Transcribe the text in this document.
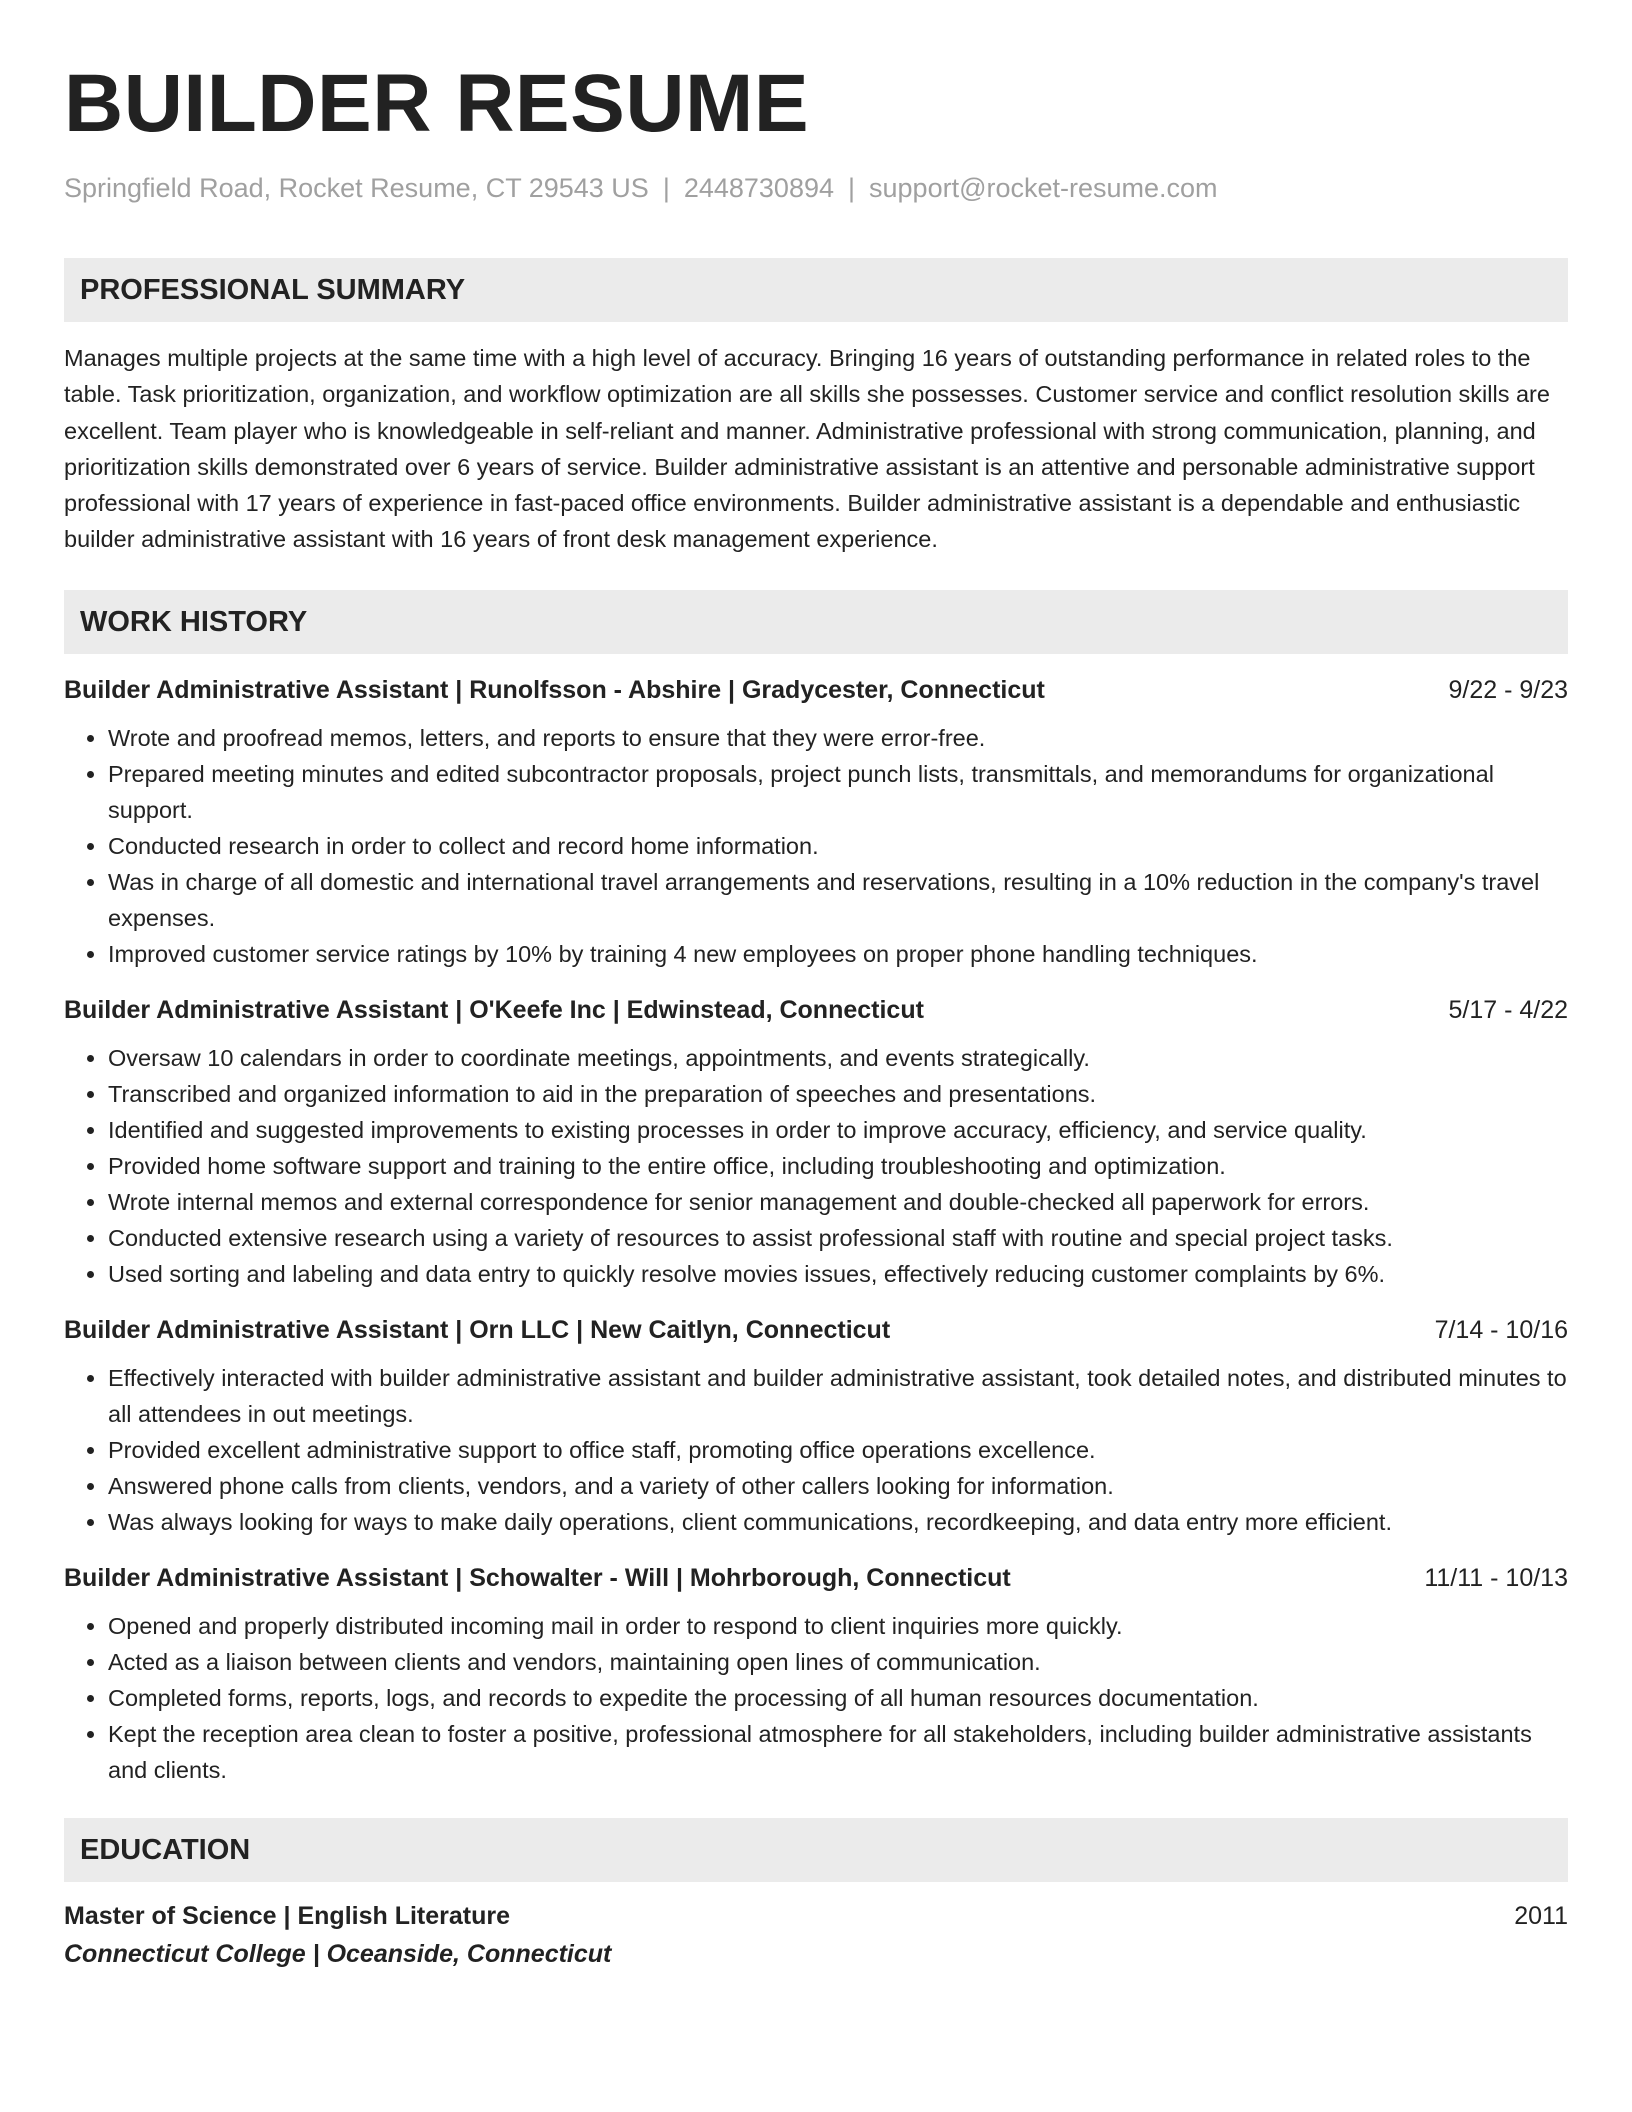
BUILDER RESUME
Springfield Road, Rocket Resume, CT 29543 US | 2448730894 | support@rocket-resume.com
PROFESSIONAL SUMMARY
Manages multiple projects at the same time with a high level of accuracy. Bringing 16 years of outstanding performance in related roles to the table. Task prioritization, organization, and workflow optimization are all skills she possesses. Customer service and conflict resolution skills are excellent. Team player who is knowledgeable in self-reliant and manner. Administrative professional with strong communication, planning, and prioritization skills demonstrated over 6 years of service. Builder administrative assistant is an attentive and personable administrative support professional with 17 years of experience in fast-paced office environments. Builder administrative assistant is a dependable and enthusiastic builder administrative assistant with 16 years of front desk management experience.
WORK HISTORY
Builder Administrative Assistant | Runolfsson - Abshire | Gradycester, Connecticut	9/22 - 9/23
• Wrote and proofread memos, letters, and reports to ensure that they were error-free.
• Prepared meeting minutes and edited subcontractor proposals, project punch lists, transmittals, and memorandums for organizational support.
• Conducted research in order to collect and record home information.
• Was in charge of all domestic and international travel arrangements and reservations, resulting in a 10% reduction in the company's travel expenses.
• Improved customer service ratings by 10% by training 4 new employees on proper phone handling techniques.
Builder Administrative Assistant | O'Keefe Inc | Edwinstead, Connecticut	5/17 - 4/22
• Oversaw 10 calendars in order to coordinate meetings, appointments, and events strategically.
• Transcribed and organized information to aid in the preparation of speeches and presentations.
• Identified and suggested improvements to existing processes in order to improve accuracy, efficiency, and service quality.
• Provided home software support and training to the entire office, including troubleshooting and optimization.
• Wrote internal memos and external correspondence for senior management and double-checked all paperwork for errors.
• Conducted extensive research using a variety of resources to assist professional staff with routine and special project tasks.
• Used sorting and labeling and data entry to quickly resolve movies issues, effectively reducing customer complaints by 6%.
Builder Administrative Assistant | Orn LLC | New Caitlyn, Connecticut	7/14 - 10/16
• Effectively interacted with builder administrative assistant and builder administrative assistant, took detailed notes, and distributed minutes to all attendees in out meetings.
• Provided excellent administrative support to office staff, promoting office operations excellence.
• Answered phone calls from clients, vendors, and a variety of other callers looking for information.
• Was always looking for ways to make daily operations, client communications, recordkeeping, and data entry more efficient.
Builder Administrative Assistant | Schowalter - Will | Mohrborough, Connecticut	11/11 - 10/13
• Opened and properly distributed incoming mail in order to respond to client inquiries more quickly.
• Acted as a liaison between clients and vendors, maintaining open lines of communication.
• Completed forms, reports, logs, and records to expedite the processing of all human resources documentation.
• Kept the reception area clean to foster a positive, professional atmosphere for all stakeholders, including builder administrative assistants and clients.
EDUCATION
Master of Science | English Literature	2011
Connecticut College | Oceanside, Connecticut
